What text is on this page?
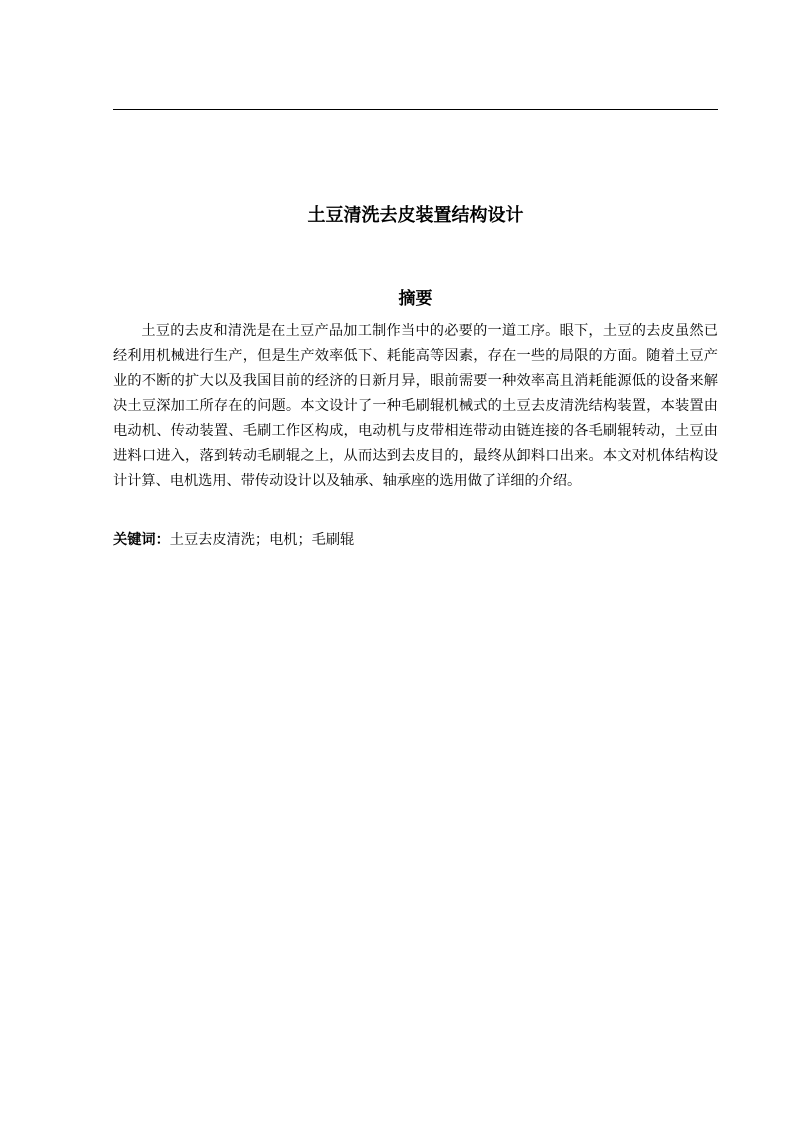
土豆清洗去皮装置结构设计
摘要

土豆的去皮和清洗是在土豆产品加工制作当中的必要的一道工序。眼下，土豆的去皮虽然已经利用机械进行生产，但是生产效率低下、耗能高等因素，存在一些的局限的方面。随着土豆产业的不断的扩大以及我国目前的经济的日新月异，眼前需要一种效率高且消耗能源低的设备来解决土豆深加工所存在的问题。本文设计了一种毛刷辊机械式的土豆去皮清洗结构装置，本装置由电动机、传动装置、毛刷工作区构成，电动机与皮带相连带动由链连接的各毛刷辊转动，土豆由进料口进入，落到转动毛刷辊之上，从而达到去皮目的，最终从卸料口出来。本文对机体结构设计计算、电机选用、带传动设计以及轴承、轴承座的选用做了详细的介绍。

关键词：土豆去皮清洗；电机；毛刷辊
